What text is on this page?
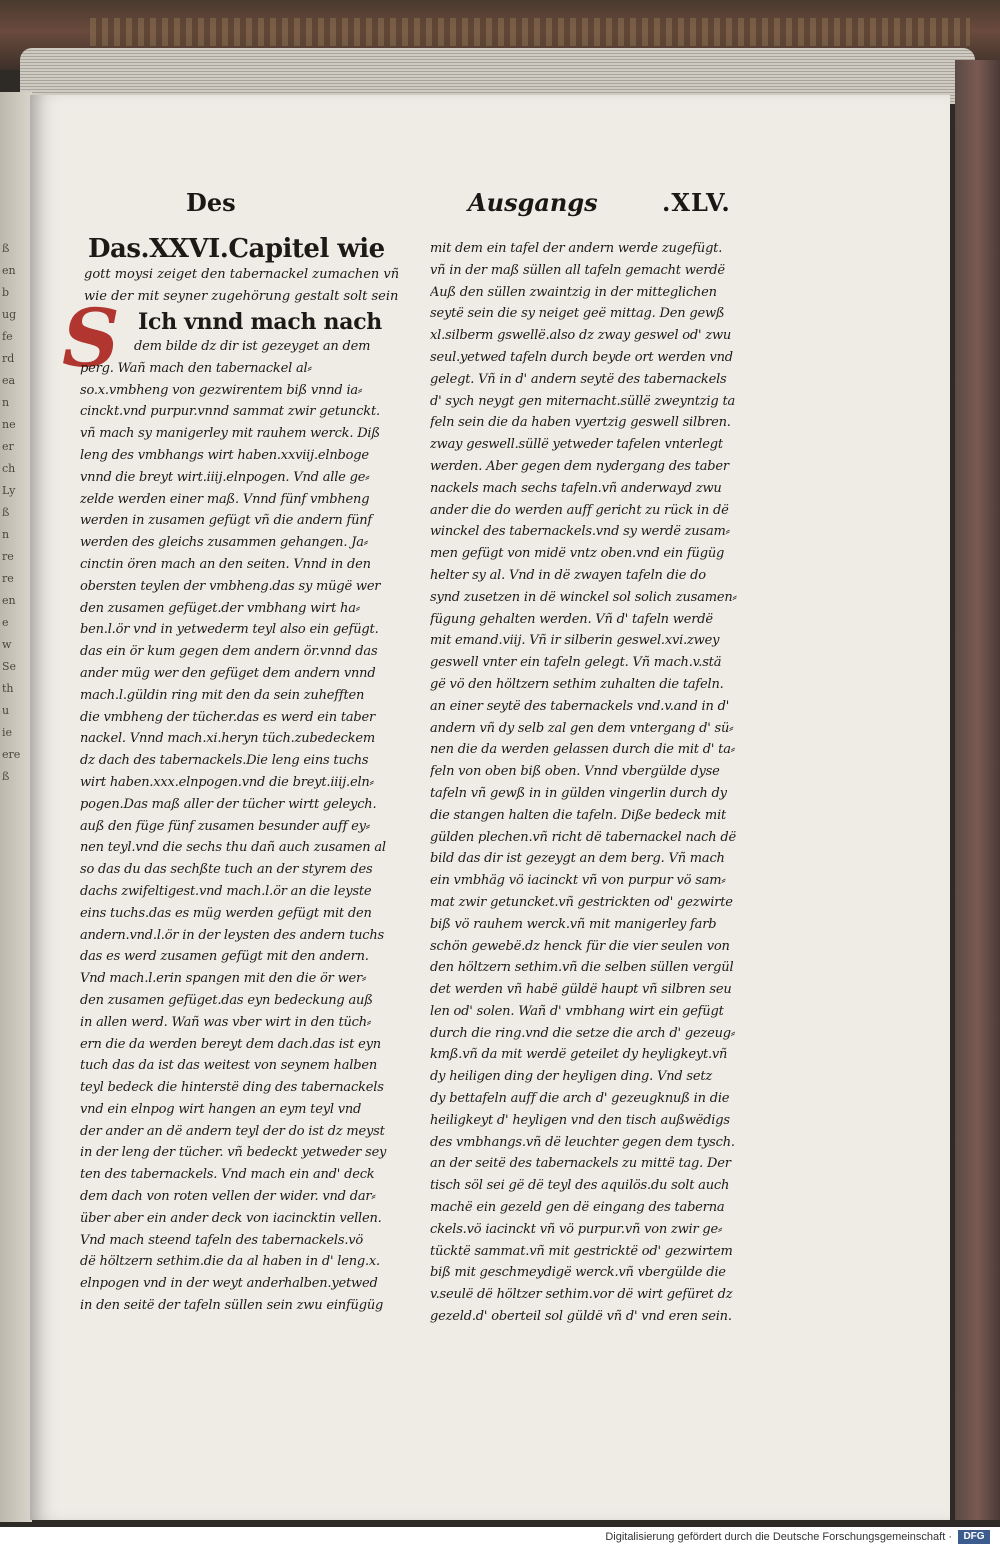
ß
en
b
ug
fe
rd
ea
n
ne
er
ch
Ly
ß
n
re
re
en
e
w
Se
th
u
ie
ere
ß
Des	Ausgangs	.XLV.
S
Das.XXVI.Capitel wie
gott moysi zeiget den tabernackel zumachen vñ
wie der mit seyner zugehörung gestalt solt sein
Ich vnnd mach nach
dem bilde dz dir ist gezeyget an dem
perg. Wañ mach den tabernackel al⸗
so.x.vmbheng von gezwirentem biß vnnd ia⸗
cinckt.vnd purpur.vnnd sammat zwir getunckt.
vñ mach sy manigerley mit rauhem werck. Diß
leng des vmbhangs wirt haben.xxviij.elnboge
vnnd die breyt wirt.iiij.elnpogen. Vnd alle ge⸗
zelde werden einer maß. Vnnd fünf vmbheng
werden in zusamen gefügt vñ die andern fünf
werden des gleichs zusammen gehangen. Ja⸗
cinctin ören mach an den seiten. Vnnd in den
obersten teylen der vmbheng.das sy mügë wer
den zusamen gefüget.der vmbhang wirt ha⸗
ben.l.ör vnd in yetwederm teyl also ein gefügt.
das ein ör kum gegen dem andern ör.vnnd das
ander müg wer den gefüget dem andern vnnd
mach.l.güldin ring mit den da sein zuhefften
die vmbheng der tücher.das es werd ein taber
nackel. Vnnd mach.xi.heryn tüch.zubedeckem
dz dach des tabernackels.Die leng eins tuchs
wirt haben.xxx.elnpogen.vnd die breyt.iiij.eln⸗
pogen.Das maß aller der tücher wirtt geleych.
auß den füge fünf zusamen besunder auff ey⸗
nen teyl.vnd die sechs thu dañ auch zusamen al
so das du das sechßte tuch an der styrem des
dachs zwifeltigest.vnd mach.l.ör an die leyste
eins tuchs.das es müg werden gefügt mit den
andern.vnd.l.ör in der leysten des andern tuchs
das es werd zusamen gefügt mit den andern.
Vnd mach.l.erin spangen mit den die ör wer⸗
den zusamen gefüget.das eyn bedeckung auß
in allen werd. Wañ was vber wirt in den tüch⸗
ern die da werden bereyt dem dach.das ist eyn
tuch das da ist das weitest von seynem halben
teyl bedeck die hinterstë ding des tabernackels
vnd ein elnpog wirt hangen an eym teyl vnd
der ander an dë andern teyl der do ist dz meyst
in der leng der tücher. vñ bedeckt yetweder sey
ten des tabernackels. Vnd mach ein and' deck
dem dach von roten vellen der wider. vnd dar⸗
über aber ein ander deck von iacincktin vellen.
Vnd mach steend tafeln des tabernackels.vö
dë höltzern sethim.die da al haben in d' leng.x.
elnpogen vnd in der weyt anderhalben.yetwed
in den seitë der tafeln süllen sein zwu einfügüg
mit dem ein tafel der andern werde zugefügt.
vñ in der maß süllen all tafeln gemacht werdë
Auß den süllen zwaintzig in der mitteglichen
seytë sein die sy neiget geë mittag. Den gewß
xl.silberm gswellë.also dz zway geswel od' zwu
seul.yetwed tafeln durch beyde ort werden vnd
gelegt. Vñ in d' andern seytë des tabernackels
d' sych neygt gen miternacht.süllë zweyntzig ta
feln sein die da haben vyertzig geswell silbren.
zway geswell.süllë yetweder tafelen vnterlegt
werden. Aber gegen dem nydergang des taber
nackels mach sechs tafeln.vñ anderwayd zwu
ander die do werden auff gericht zu rück in dë
winckel des tabernackels.vnd sy werdë zusam⸗
men gefügt von midë vntz oben.vnd ein fügüg
helter sy al. Vnd in dë zwayen tafeln die do
synd zusetzen in dë winckel sol solich zusamen⸗
fügung gehalten werden. Vñ d' tafeln werdë
mit emand.viij. Vñ ir silberin geswel.xvi.zwey
geswell vnter ein tafeln gelegt. Vñ mach.v.stä
gë vö den höltzern sethim zuhalten die tafeln.
an einer seytë des tabernackels vnd.v.and in d'
andern vñ dy selb zal gen dem vntergang d' sü⸗
nen die da werden gelassen durch die mit d' ta⸗
feln von oben biß oben. Vnnd vbergülde dyse
tafeln vñ gewß in in gülden vingerlin durch dy
die stangen halten die tafeln. Diße bedeck mit
gülden plechen.vñ richt dë tabernackel nach dë
bild das dir ist gezeygt an dem berg. Vñ mach
ein vmbhäg vö iacinckt vñ von purpur vö sam⸗
mat zwir getuncket.vñ gestrickten od' gezwirte
biß vö rauhem werck.vñ mit manigerley farb
schön gewebë.dz henck für die vier seulen von
den höltzern sethim.vñ die selben süllen vergül
det werden vñ habë güldë haupt vñ silbren seu
len od' solen. Wañ d' vmbhang wirt ein gefügt
durch die ring.vnd die setze die arch d' gezeug⸗
kmß.vñ da mit werdë geteilet dy heyligkeyt.vñ
dy heiligen ding der heyligen ding. Vnd setz
dy bettafeln auff die arch d' gezeugknuß in die
heiligkeyt d' heyligen vnd den tisch außwëdigs
des vmbhangs.vñ dë leuchter gegen dem tysch.
an der seitë des tabernackels zu mittë tag. Der
tisch söl sei gë dë teyl des aquilös.du solt auch
machë ein gezeld gen dë eingang des taberna
ckels.vö iacinckt vñ vö purpur.vñ von zwir ge⸗
tücktë sammat.vñ mit gestricktë od' gezwirtem
biß mit geschmeydigë werck.vñ vbergülde die
v.seulë dë höltzer sethim.vor dë wirt gefüret dz
gezeld.d' oberteil sol güldë vñ d' vnd eren sein.
Digitalisierung gefördert durch die Deutsche Forschungsgemeinschaft ·	DFG
